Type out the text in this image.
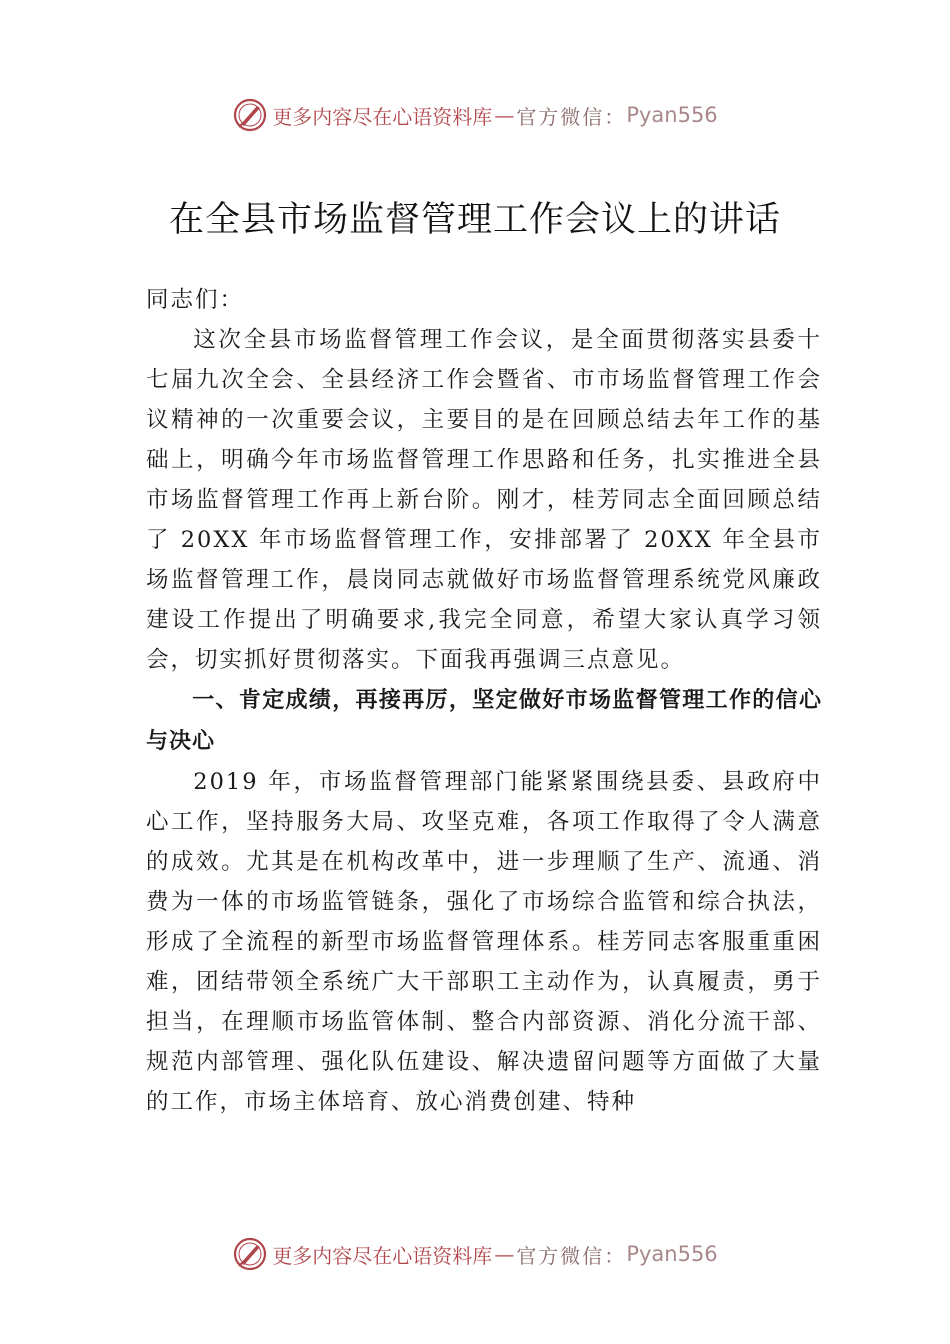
更多内容尽在心语资料库 — 官方微信： Pyan556
在全县市场监督管理工作会议上的讲话

同志们：

这次全县市场监督管理工作会议，是全面贯彻落实县委十七届九次全会、全县经济工作会暨省、市市场监督管理工作会议精神的一次重要会议，主要目的是在回顾总结去年工作的基础上，明确今年市场监督管理工作思路和任务，扎实推进全县市场监督管理工作再上新台阶。刚才，桂芳同志全面回顾总结了 20XX 年市场监督管理工作，安排部署了 20XX 年全县市场监督管理工作，晨岗同志就做好市场监督管理系统党风廉政建设工作提出了明确要求,我完全同意，希望大家认真学习领会，切实抓好贯彻落实。下面我再强调三点意见。

一、肯定成绩，再接再厉，坚定做好市场监督管理工作的信心与决心

2019 年，市场监督管理部门能紧紧围绕县委、县政府中心工作，坚持服务大局、攻坚克难，各项工作取得了令人满意的成效。尤其是在机构改革中，进一步理顺了生产、流通、消费为一体的市场监管链条，强化了市场综合监管和综合执法，形成了全流程的新型市场监督管理体系。桂芳同志客服重重困难，团结带领全系统广大干部职工主动作为，认真履责，勇于担当，在理顺市场监管体制、整合内部资源、消化分流干部、规范内部管理、强化队伍建设、解决遗留问题等方面做了大量的工作，市场主体培育、放心消费创建、特种

更多内容尽在心语资料库 — 官方微信： Pyan556
